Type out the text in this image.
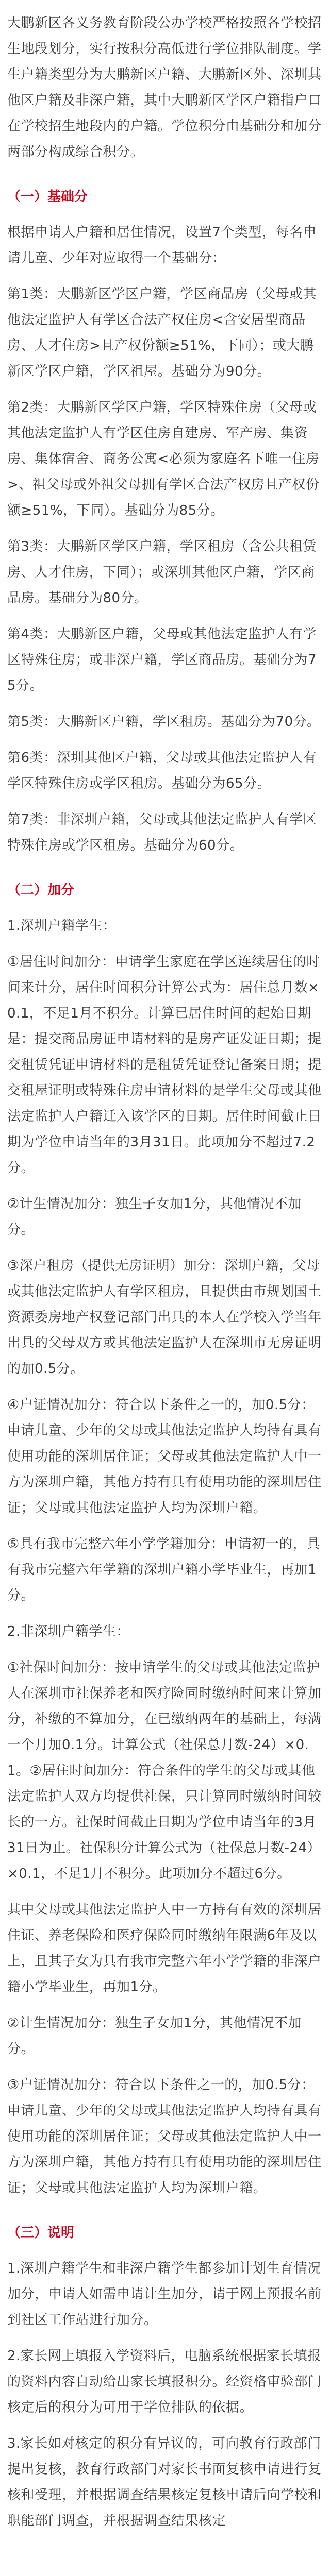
大鹏新区各义务教育阶段公办学校严格按照各学校招生地段划分，实行按积分高低进行学位排队制度。学生户籍类型分为大鹏新区户籍、大鹏新区外、深圳其他区户籍及非深户籍，其中大鹏新区学区户籍指户口在学校招生地段内的户籍。学位积分由基础分和加分两部分构成综合积分。

（一）基础分

根据申请人户籍和居住情况，设置7个类型，每名申请儿童、少年对应取得一个基础分：

第1类：大鹏新区学区户籍，学区商品房（父母或其他法定监护人有学区合法产权住房<含安居型商品房、人才住房>且产权份额≥51%，下同）；或大鹏新区学区户籍，学区祖屋。基础分为90分。

第2类：大鹏新区学区户籍，学区特殊住房（父母或其他法定监护人有学区住房自建房、军产房、集资房、集体宿舍、商务公寓<必须为家庭名下唯一住房>、祖父母或外祖父母拥有学区合法产权房且产权份额≥51%，下同）。基础分为85分。

第3类：大鹏新区学区户籍，学区租房（含公共租赁房、人才住房，下同）；或深圳其他区户籍，学区商品房。基础分为80分。

第4类：大鹏新区户籍，父母或其他法定监护人有学区特殊住房；或非深户籍，学区商品房。基础分为75分。

第5类：大鹏新区户籍，学区租房。基础分为70分。

第6类：深圳其他区户籍，父母或其他法定监护人有学区特殊住房或学区租房。基础分为65分。

第7类：非深圳户籍，父母或其他法定监护人有学区特殊住房或学区租房。基础分为60分。

（二）加分

1.深圳户籍学生：

①居住时间加分：申请学生家庭在学区连续居住的时间来计分，居住时间积分计算公式为：居住总月数×0.1，不足1月不积分。计算已居住时间的起始日期是：提交商品房证申请材料的是房产证发证日期；提交租赁凭证申请材料的是租赁凭证登记备案日期；提交租屋证明或特殊住房申请材料的是学生父母或其他法定监护人户籍迁入该学区的日期。居住时间截止日期为学位申请当年的3月31日。此项加分不超过7.2分。

②计生情况加分：独生子女加1分，其他情况不加分。

③深户租房（提供无房证明）加分：深圳户籍，父母或其他法定监护人有学区租房，且提供由市规划国土资源委房地产权登记部门出具的本人在学校入学当年出具的父母双方或其他法定监护人在深圳市无房证明的加0.5分。

④户证情况加分：符合以下条件之一的，加0.5分：申请儿童、少年的父母或其他法定监护人均持有具有使用功能的深圳居住证；父母或其他法定监护人中一方为深圳户籍，其他方持有具有使用功能的深圳居住证；父母或其他法定监护人均为深圳户籍。

⑤具有我市完整六年小学学籍加分：申请初一的，具有我市完整六年学籍的深圳户籍小学毕业生，再加1分。

2.非深圳户籍学生：

①社保时间加分：按申请学生的父母或其他法定监护人在深圳市社保养老和医疗险同时缴纳时间来计算加分，补缴的不算加分，在已缴纳两年的基础上，每满一个月加0.1分。计算公式（社保总月数-24）×0.1。②居住时间加分：符合条件的学生的父母或其他法定监护人双方均提供社保，只计算同时缴纳时间较长的一方。社保时间截止日期为学位申请当年的3月31日为止。社保积分计算公式为（社保总月数-24）×0.1，不足1月不积分。此项加分不超过6分。

其中父母或其他法定监护人中一方持有有效的深圳居住证、养老保险和医疗保险同时缴纳年限满6年及以上，且其子女为具有我市完整六年小学学籍的非深户籍小学毕业生，再加1分。

②计生情况加分：独生子女加1分，其他情况不加分。

③户证情况加分：符合以下条件之一的，加0.5分：申请儿童、少年的父母或其他法定监护人均持有具有使用功能的深圳居住证；父母或其他法定监护人中一方为深圳户籍，其他方持有具有使用功能的深圳居住证；父母或其他法定监护人均为深圳户籍。

（三）说明

1.深圳户籍学生和非深户籍学生都参加计划生育情况加分，申请人如需申请计生加分，请于网上预报名前到社区工作站进行加分。

2.家长网上填报入学资料后，电脑系统根据家长填报的资料内容自动给出家长填报积分。经资格审验部门核定后的积分为可用于学位排队的依据。

3.家长如对核定的积分有异议的，可向教育行政部门提出复核，教育行政部门对家长书面复核申请进行复核和受理，并根据调查结果核定复核申请后向学校和职能部门调查，并根据调查结果核定
